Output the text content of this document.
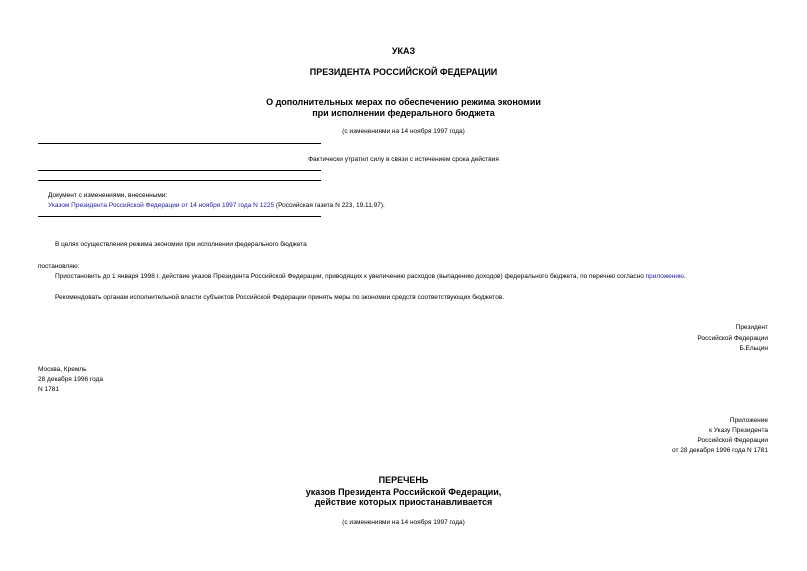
УКАЗ
ПРЕЗИДЕНТА РОССИЙСКОЙ ФЕДЕРАЦИИ
О дополнительных мерах по обеспечению режима экономии
при исполнении федерального бюджета
(с изменениями на 14 ноября 1997 года)
Фактически утратил силу в связи с истечением срока действия
Документ с изменениями, внесенными:
Указом Президента Российской Федерации от 14 ноября 1997 года N 1225 (Российская газета N 223, 19.11.97).
В целях осуществления режима экономии при исполнении федерального бюджета
постановляю:
Приостановить до 1 января 1998 г. действие указов Президента Российской Федерации, приводящих к увеличению расходов (выпадению доходов) федерального бюджета, по перечню согласно приложению.
Рекомендовать органам исполнительной власти субъектов Российской Федерации принять меры по экономии средств соответствующих бюджетов.
Президент
Российской Федерации
Б.Ельцин
Москва, Кремль
28 декабря 1996 года
N 1781
Приложение
к Указу Президента
Российской Федерации
от 28 декабря 1996 года N 1781
ПЕРЕЧЕНЬ
указов Президента Российской Федерации,
действие которых приостанавливается
(с изменениями на 14 ноября 1997 года)
